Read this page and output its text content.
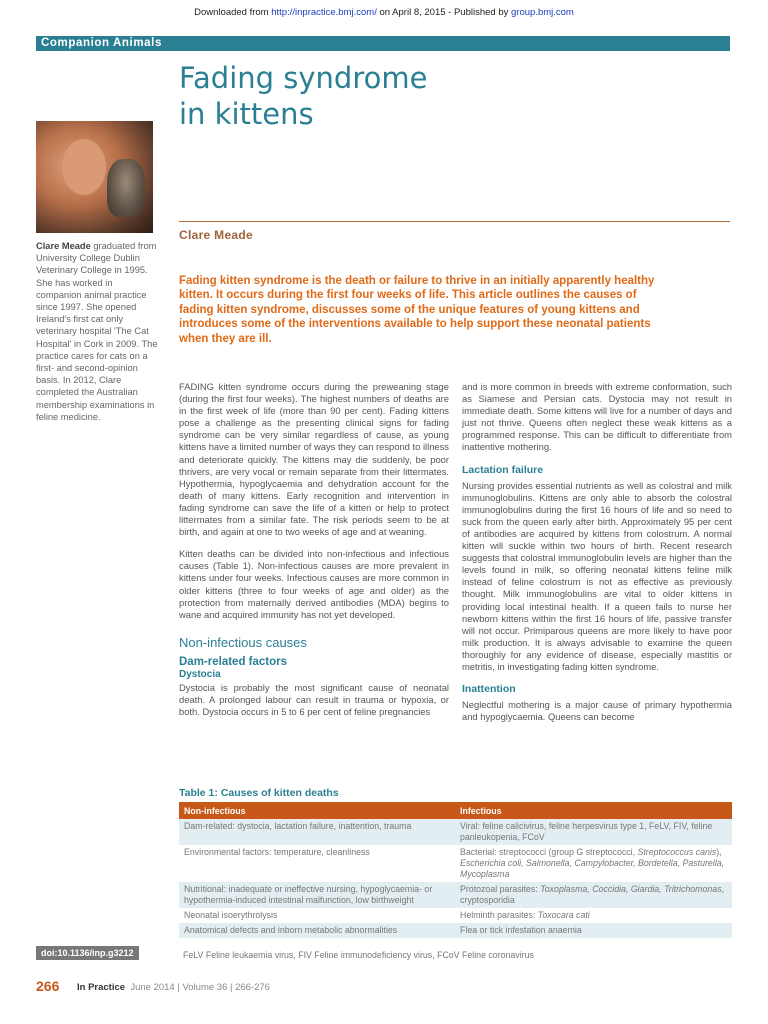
Downloaded from http://inpractice.bmj.com/ on April 8, 2015 - Published by group.bmj.com
Companion Animals
Fading syndrome
in kittens
Clare Meade
Clare Meade graduated from University College Dublin Veterinary College in 1995. She has worked in companion animal practice since 1997. She opened Ireland's first cat only veterinary hospital 'The Cat Hospital' in Cork in 2009. The practice cares for cats on a first- and second-opinion basis. In 2012, Clare completed the Australian membership examinations in feline medicine.
Fading kitten syndrome is the death or failure to thrive in an initially apparently healthy kitten. It occurs during the first four weeks of life. This article outlines the causes of fading kitten syndrome, discusses some of the unique features of young kittens and introduces some of the interventions available to help support these neonatal patients when they are ill.

FADING kitten syndrome occurs during the preweaning stage (during the first four weeks). The highest numbers of deaths are in the first week of life (more than 90 per cent). Fading kittens pose a challenge as the presenting clinical signs for fading syndrome can be very similar regardless of cause, as young kittens have a limited number of ways they can respond to illness and deteriorate quickly. The kittens may die suddenly, be poor thrivers, are very vocal or remain separate from their littermates. Hypothermia, hypoglycaemia and dehydration account for the death of many kittens. Early recognition and intervention in fading syndrome can save the life of a kitten or help to protect littermates from a similar fate. The risk periods seem to be at birth, and again at one to two weeks of age and at weaning.

Kitten deaths can be divided into non-infectious and infectious causes (Table 1). Non-infectious causes are more prevalent in kittens under four weeks. Infectious causes are more common in older kittens (three to four weeks of age and older) as the protection from maternally derived antibodies (MDA) begins to wane and acquired immunity has not yet developed.

Non-infectious causes
Dam-related factors
Dystocia

Dystocia is probably the most significant cause of neonatal death. A prolonged labour can result in trauma or hypoxia, or both. Dystocia occurs in 5 to 6 per cent of feline pregnancies

and is more common in breeds with extreme conformation, such as Siamese and Persian cats. Dystocia may not result in immediate death. Some kittens will live for a number of days and just not thrive. Queens often neglect these weak kittens as a programmed response. This can be difficult to differentiate from inattentive mothering.

Lactation failure

Nursing provides essential nutrients as well as colostral and milk immunoglobulins. Kittens are only able to absorb the colostral immunoglobulins during the first 16 hours of life and so need to suck from the queen early after birth. Approximately 95 per cent of antibodies are acquired by kittens from colostrum. A normal kitten will suckle within two hours of birth. Recent research suggests that colostral immunoglobulin levels are higher than the levels found in milk, so offering neonatal kittens feline milk instead of feline colostrum is not as effective as previously thought. Milk immunoglobulins are vital to older kittens in providing local intestinal health. If a queen fails to nurse her newborn kittens within the first 16 hours of life, passive transfer will not occur. Primiparous queens are more likely to have poor milk production. It is always advisable to examine the queen thoroughly for any evidence of disease, especially mastitis or metritis, in investigating fading kitten syndrome.

Inattention

Neglectful mothering is a major cause of primary hypothermia and hypoglycaemia. Queens can become

Table 1: Causes of kitten deaths
Non-infectious	Infectious
Dam-related: dystocia, lactation failure, inattention, trauma	Viral: feline calicivirus, feline herpesvirus type 1, FeLV, FIV, feline panleukopenia, FCoV
Environmental factors: temperature, cleanliness	Bacterial: streptococci (group G streptococci, Streptococcus canis), Escherichia coli, Salmonella, Campylobacter, Bordetella, Pasturella, Mycoplasma
Nutritional: inadequate or ineffective nursing, hypoglycaemia- or hypothermia-induced intestinal malfunction, low birthweight	Protozoal parasites: Toxoplasma, Coccidia, Giardia, Tritrichomonas, cryptosporidia
Neonatal isoerythrolysis	Helminth parasites: Toxocara cati
Anatomical defects and inborn metabolic abnormalities	Flea or tick infestation anaemia
FeLV Feline leukaemia virus, FIV Feline immunodeficiency virus, FCoV Feline coronavirus
doi:10.1136/inp.g3212
266 In Practice June 2014 | Volume 36 | 266-276
